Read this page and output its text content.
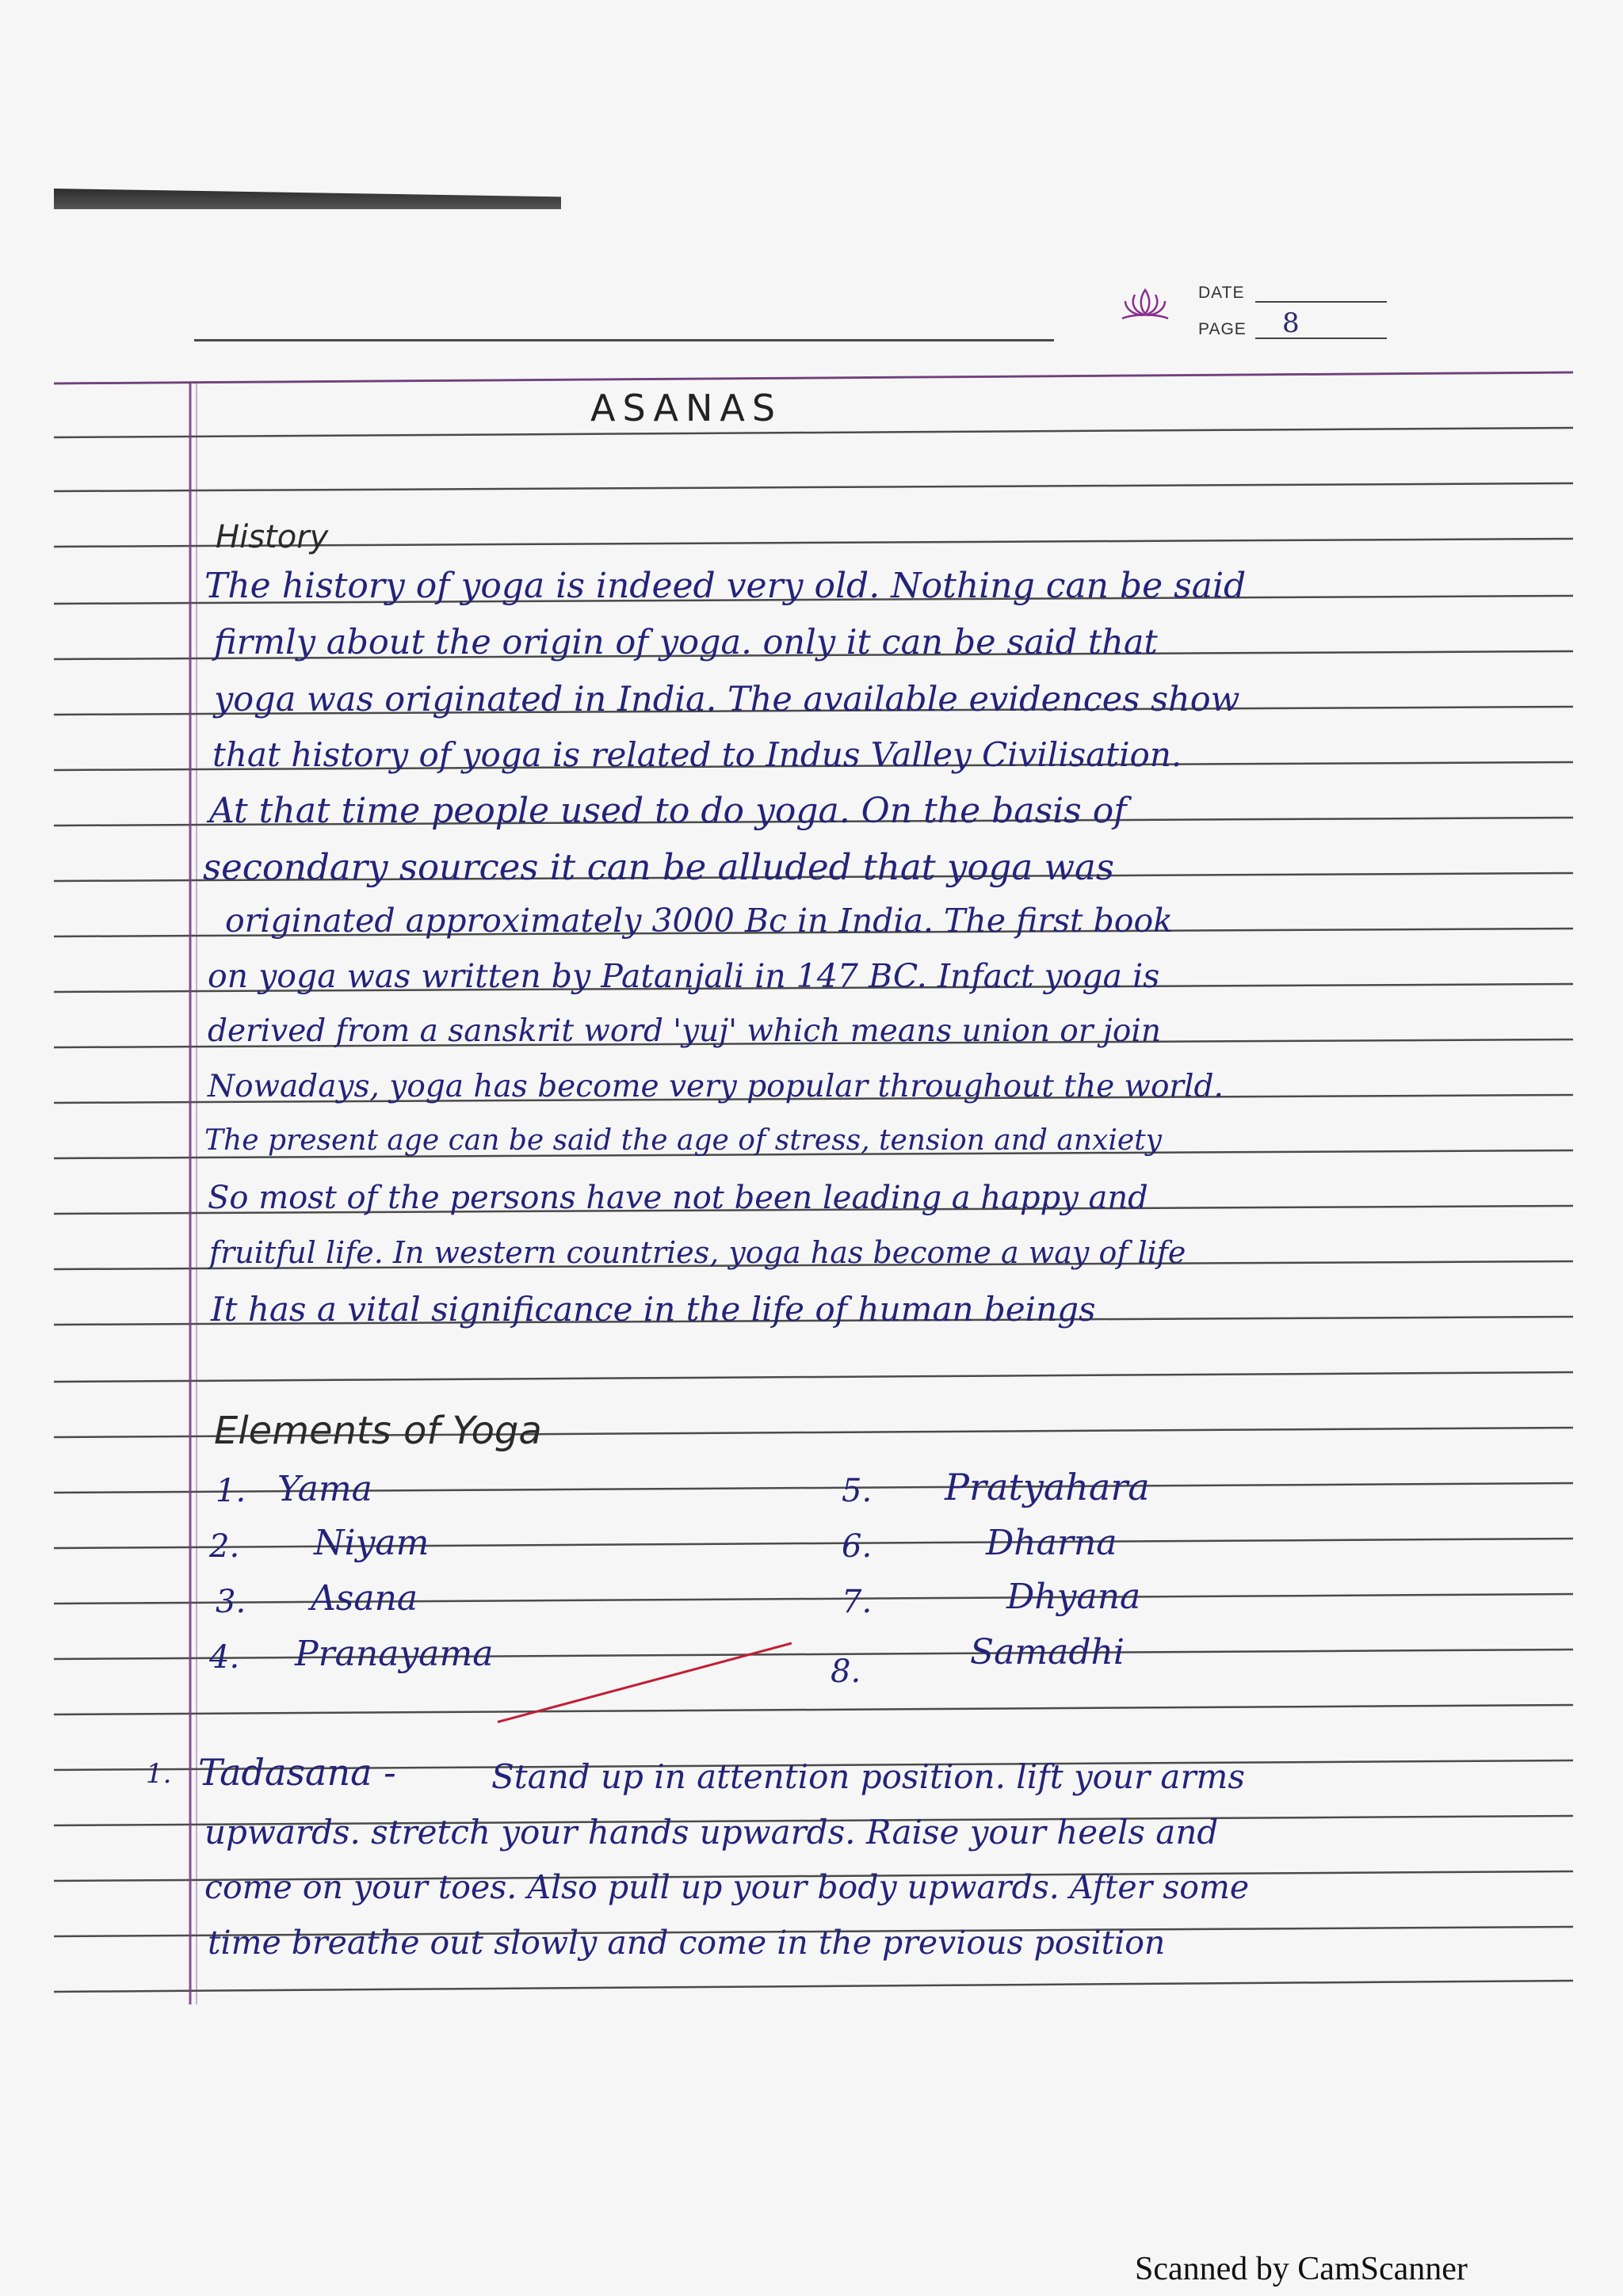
DATE
PAGE 8
ASANAS
History
The history of yoga is indeed very old. Nothing can be said
firmly about the origin of yoga. only it can be said that
yoga was originated in India. The available evidences show
that history of yoga is related to Indus Valley Civilisation.
At that time people used to do yoga. On the basis of
secondary sources it can be alluded that yoga was
originated approximately 3000 Bc in India. The first book
on yoga was written by Patanjali in 147 BC. Infact yoga is
derived from a sanskrit word 'yuj' which means union or join
Nowadays, yoga has become very popular throughout the world.
The present age can be said the age of stress, tension and anxiety
So most of the persons have not been leading a happy and
fruitful life. In western countries, yoga has become a way of life
It has a vital significance in the life of human beings
Elements of Yoga
1. Yama
2. Niyam
3. Asana
4. Pranayama
5. Pratyahara
6.	Dharna
7.	Dhyana
8.	Samadhi
1. Tadasana -	Stand up in attention position. lift your arms
upwards. stretch your hands upwards. Raise your heels and
come on your toes. Also pull up your body upwards. After some
time breathe out slowly and come in the previous position
Scanned by CamScanner
